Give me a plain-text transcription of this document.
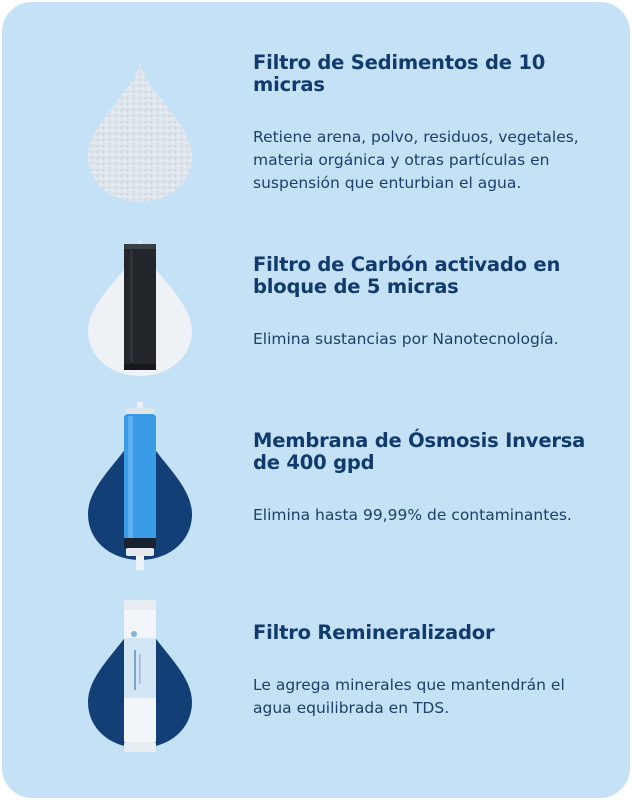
Filtro de Sedimentos de 10 micras

Retiene arena, polvo, residuos, vegetales, materia orgánica y otras partículas en suspensión que enturbian el agua.

Filtro de Carbón activado en bloque de 5 micras

Elimina sustancias por Nanotecnología.

Membrana de Ósmosis Inversa de 400 gpd

Elimina hasta 99,99% de contaminantes.

Filtro Remineralizador

Le agrega minerales que mantendrán el agua equilibrada en TDS.
